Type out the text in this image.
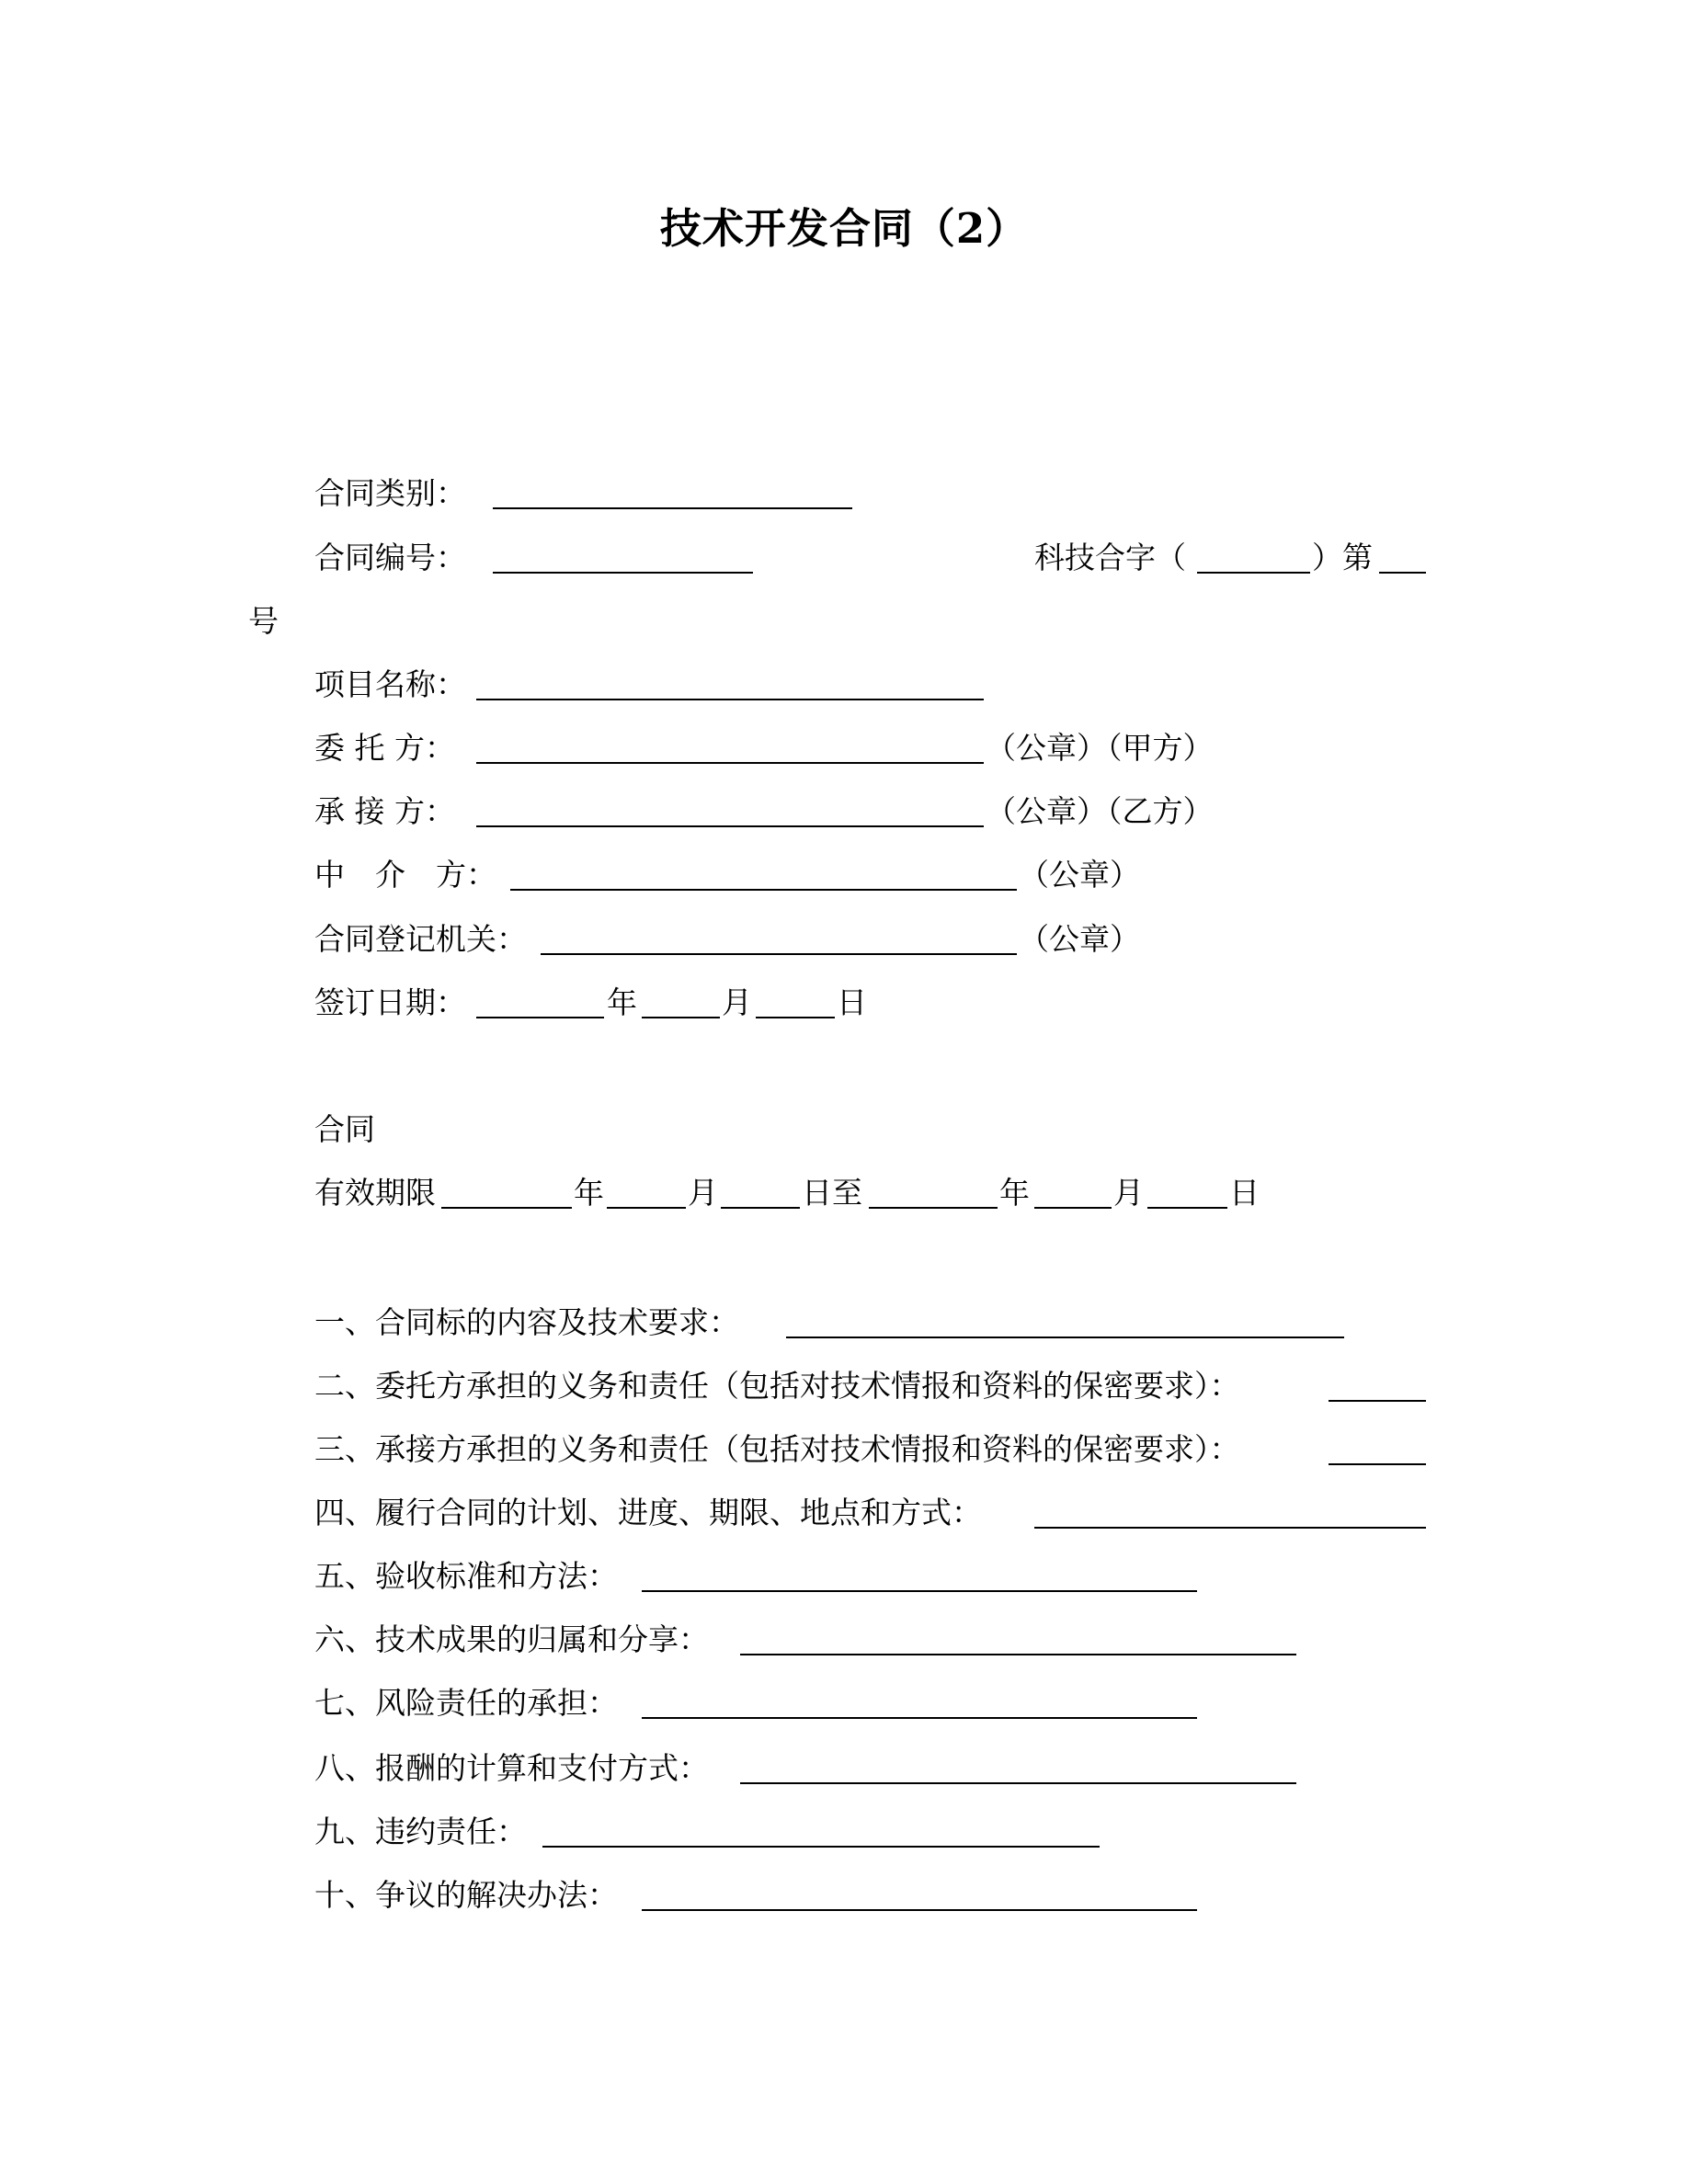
技术开发合同（2）
合同类别：
合同编号：	科技合字（	）第
号
项目名称：
委 托 方：	（公章）（甲方）
承 接 方：	（公章）（乙方）
中　介　方：	（公章）
合同登记机关：	（公章）
签订日期：	年	月	日
合同
有效期限	年	月	日 至	年	月	日
一、合同标的内容及技术要求：
二、委托方承担的义务和责任（包括对技术情报和资料的保密要求）：
三、承接方承担的义务和责任（包括对技术情报和资料的保密要求）：
四、履行合同的计划、进度、期限、地点和方式：
五、验收标准和方法：
六、技术成果的归属和分享：
七、风险责任的承担：
八、报酬的计算和支付方式：
九、违约责任：
十、争议的解决办法：
